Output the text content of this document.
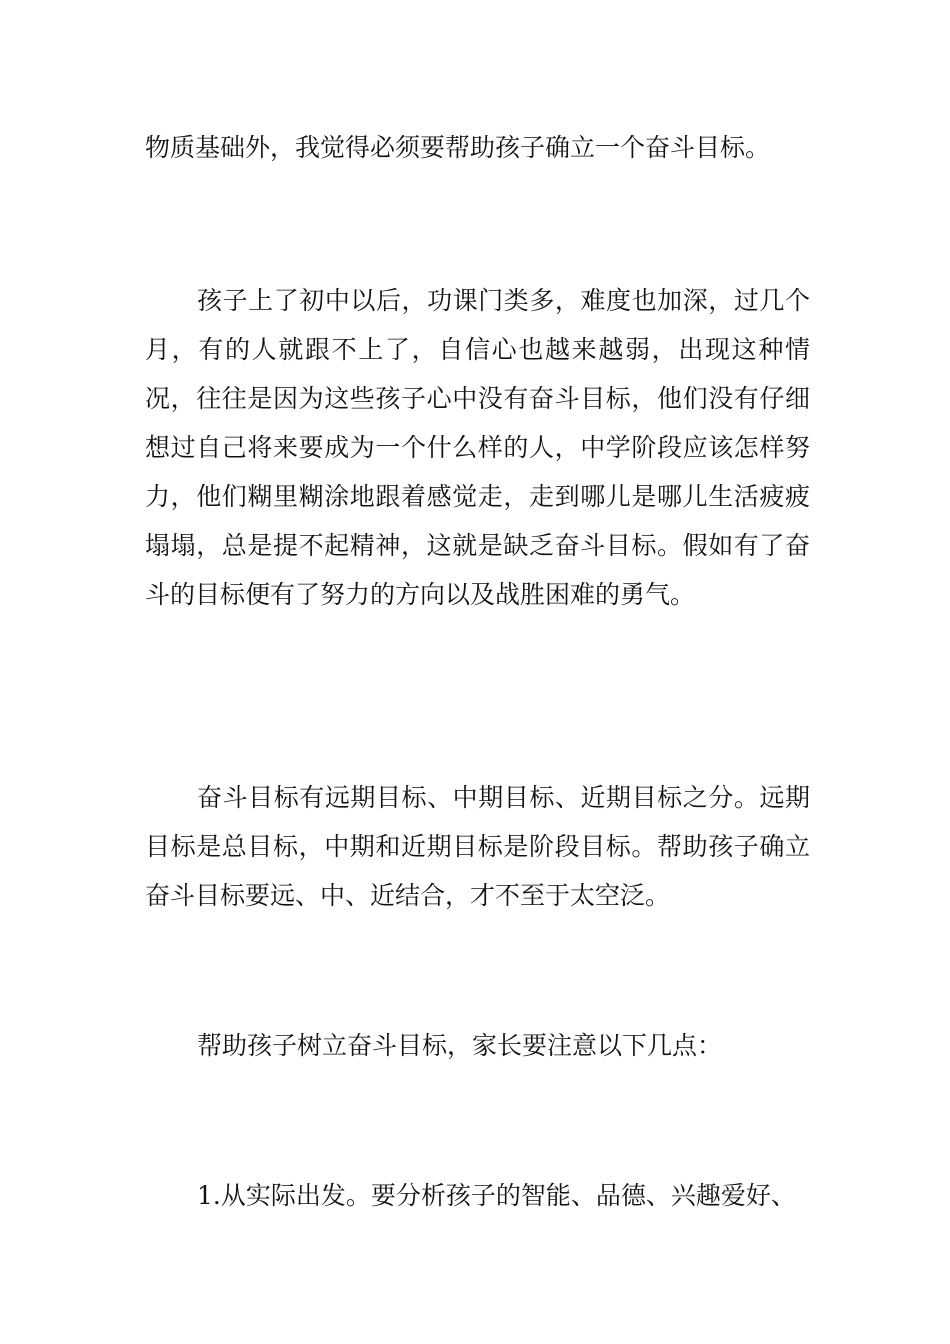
物质基础外，我觉得必须要帮助孩子确立一个奋斗目标。

孩子上了初中以后，功课门类多，难度也加深，过几个月，有的人就跟不上了，自信心也越来越弱，出现这种情况，往往是因为这些孩子心中没有奋斗目标，他们没有仔细想过自己将来要成为一个什么样的人，中学阶段应该怎样努力，他们糊里糊涂地跟着感觉走，走到哪儿是哪儿生活疲疲塌塌，总是提不起精神，这就是缺乏奋斗目标。假如有了奋斗的目标便有了努力的方向以及战胜困难的勇气。

奋斗目标有远期目标、中期目标、近期目标之分。远期目标是总目标，中期和近期目标是阶段目标。帮助孩子确立奋斗目标要远、中、近结合，才不至于太空泛。

帮助孩子树立奋斗目标，家长要注意以下几点：

1.从实际出发。要分析孩子的智能、品德、兴趣爱好、
